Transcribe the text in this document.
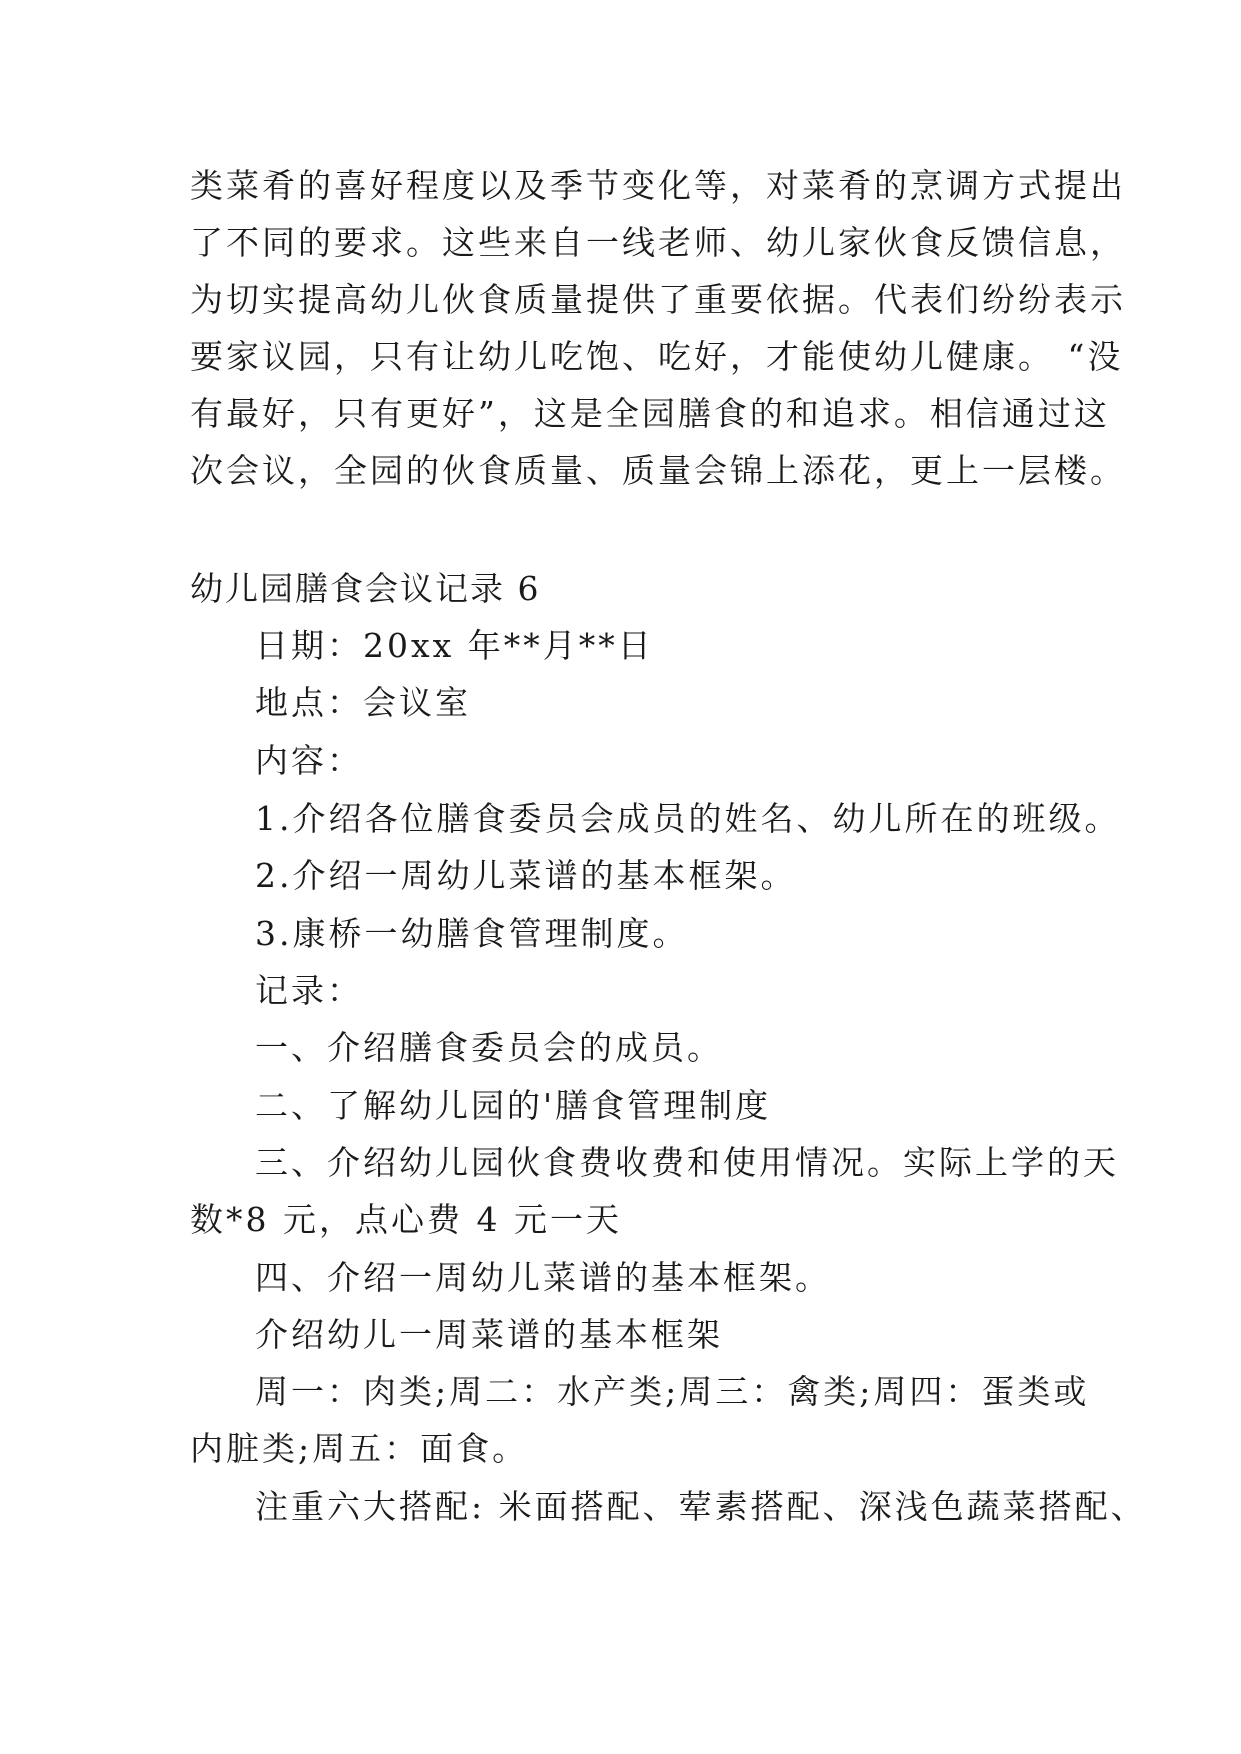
类菜肴的喜好程度以及季节变化等，对菜肴的烹调方式提出
了不同的要求。这些来自一线老师、幼儿家伙食反馈信息，
为切实提高幼儿伙食质量提供了重要依据。代表们纷纷表示
要家议园，只有让幼儿吃饱、吃好，才能使幼儿健康。 “没
有最好，只有更好”，这是全园膳食的和追求。相信通过这
次会议，全园的伙食质量、质量会锦上添花，更上一层楼。
幼儿园膳食会议记录 6
日期：20xx 年**月**日
地点：会议室
内容：
1.介绍各位膳食委员会成员的姓名、幼儿所在的班级。
2.介绍一周幼儿菜谱的基本框架。
3.康桥一幼膳食管理制度。
记录：
一、介绍膳食委员会的成员。
二、了解幼儿园的'膳食管理制度
三、介绍幼儿园伙食费收费和使用情况。实际上学的天
数*8 元，点心费 4 元一天
四、介绍一周幼儿菜谱的基本框架。
介绍幼儿一周菜谱的基本框架
周一：肉类;周二：水产类;周三：禽类;周四：蛋类或
内脏类;周五：面食。
注重六大搭配: 米面搭配、荤素搭配、深浅色蔬菜搭配、
